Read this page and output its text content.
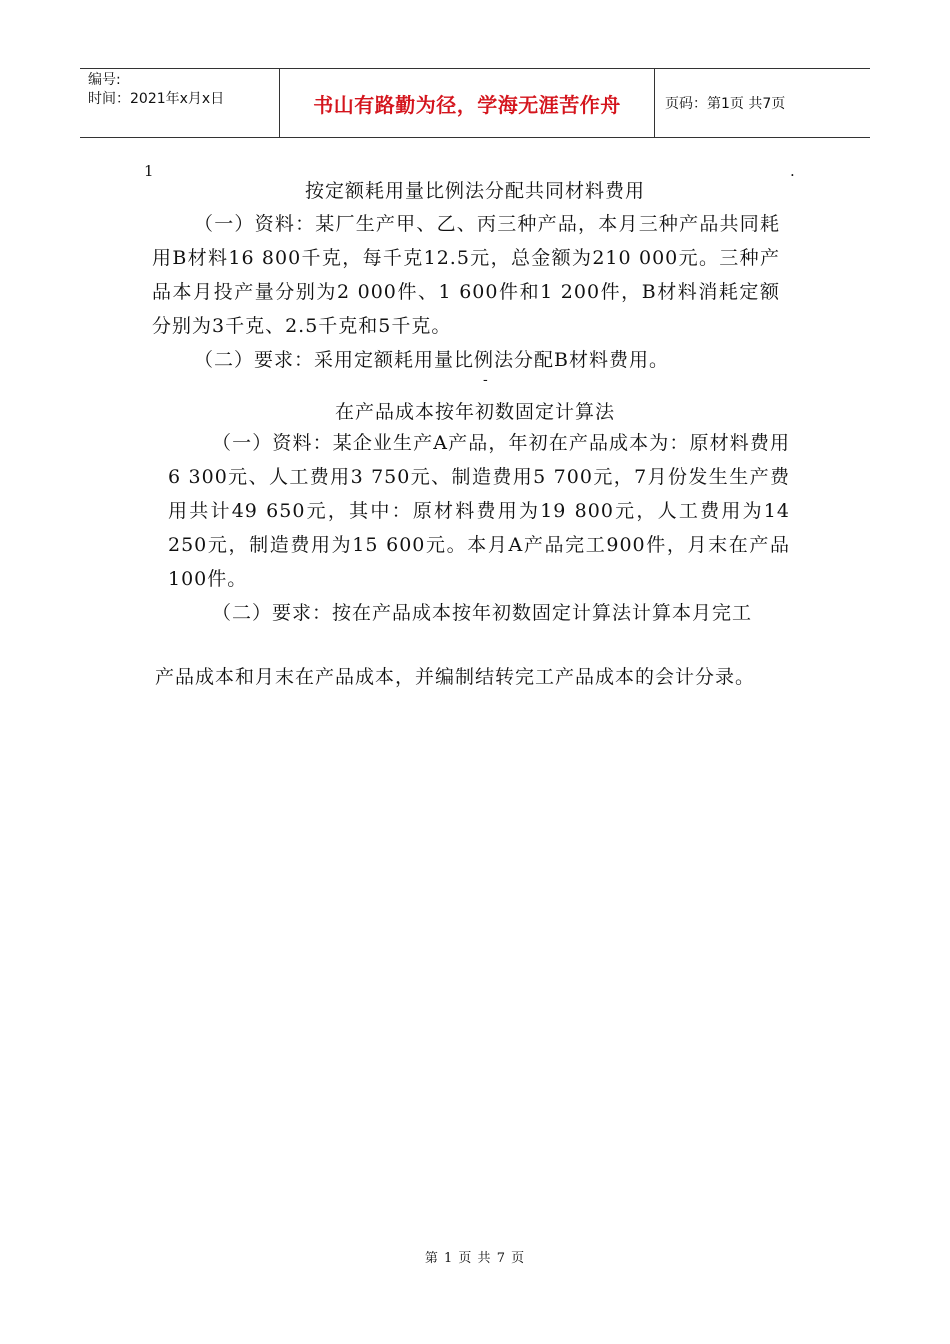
编号:
时间：2021年x月x日	书山有路勤为径，学海无涯苦作舟	页码：第1页 共7页
1	.
按定额耗用量比例法分配共同材料费用

（一）资料：某厂生产甲、乙、丙三种产品，本月三种产品共同耗用B材料16 800千克，每千克12.5元，总金额为210 000元。三种产品本月投产量分别为2 000件、1 600件和1 200件，B材料消耗定额分别为3千克、2.5千克和5千克。

（二）要求：采用定额耗用量比例法分配B材料费用。

-
在产品成本按年初数固定计算法

（一）资料：某企业生产A产品，年初在产品成本为：原材料费用6 300元、人工费用3 750元、制造费用5 700元，7月份发生生产费用共计49 650元，其中：原材料费用为19 800元，人工费用为14 250元，制造费用为15 600元。本月A产品完工900件，月末在产品100件。

（二）要求：按在产品成本按年初数固定计算法计算本月完工

产品成本和月末在产品成本，并编制结转完工产品成本的会计分录。

第 1 页 共 7 页
